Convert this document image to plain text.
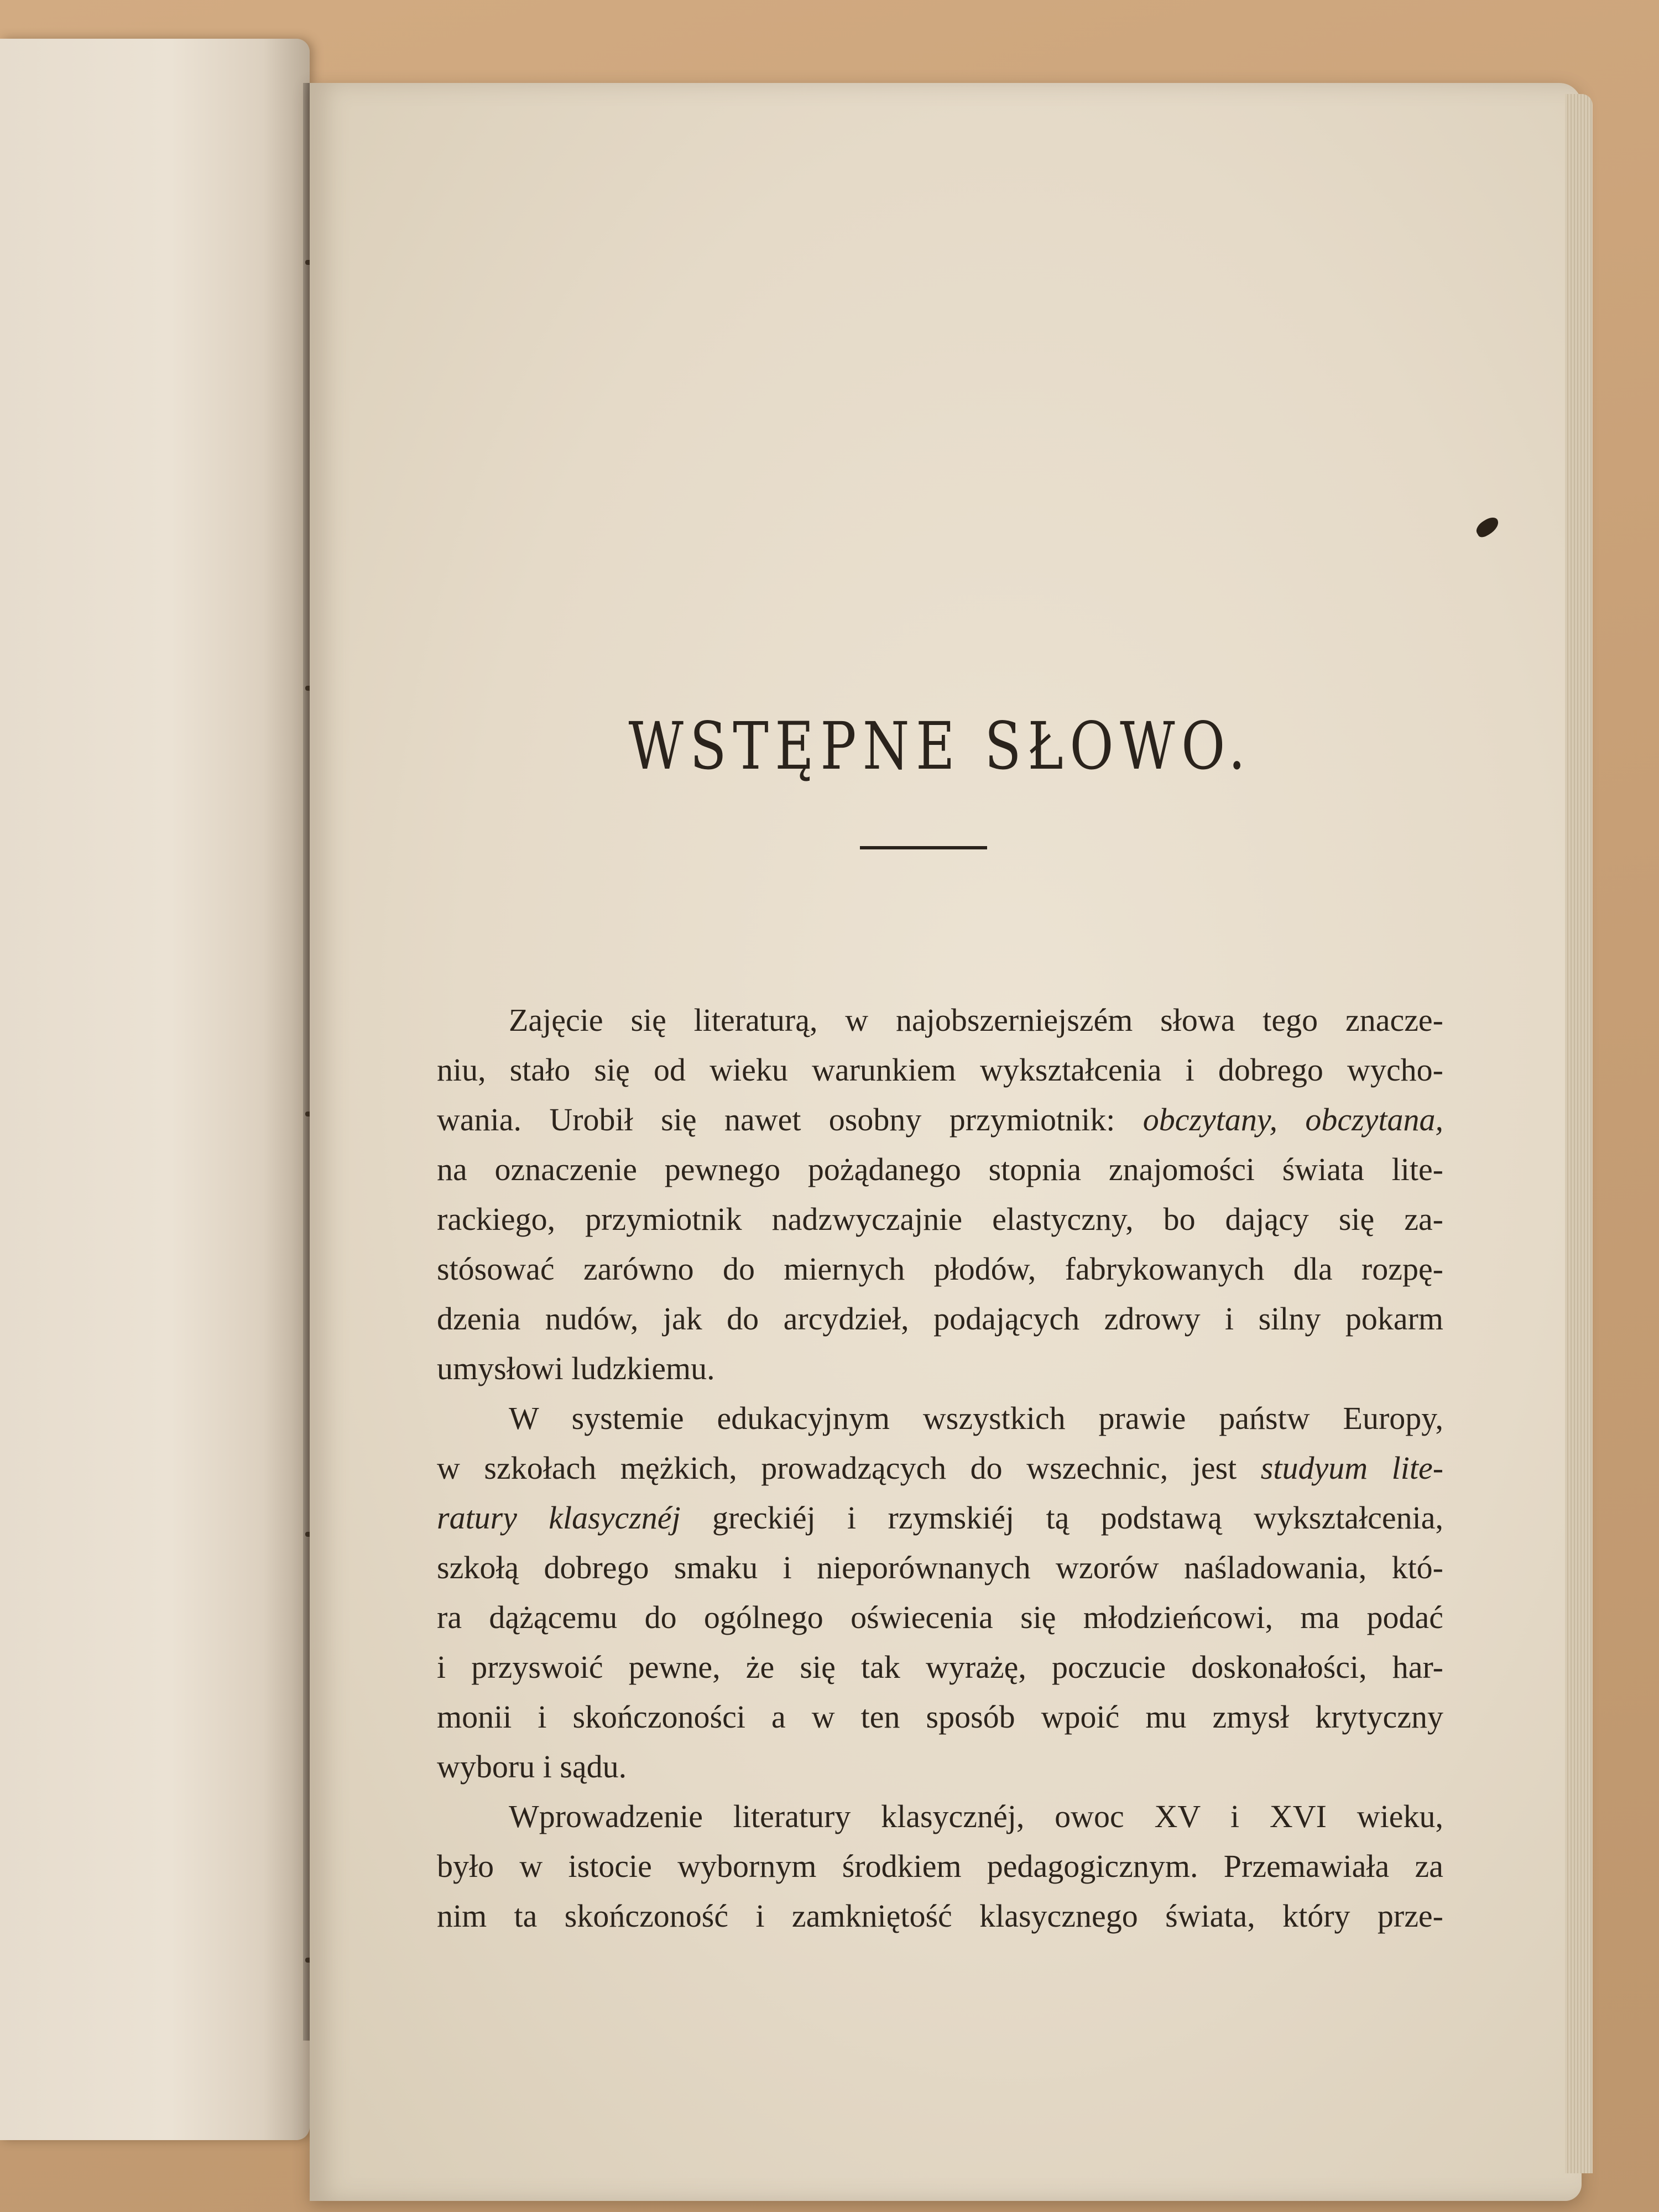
WSTĘPNE SŁOWO.
Zajęcie się literaturą, w najobszerniejszém słowa tego znacze-
niu, stało się od wieku warunkiem wykształcenia i dobrego wycho-
wania. Urobił się nawet osobny przymiotnik: obczytany, obczytana,
na oznaczenie pewnego pożądanego stopnia znajomości świata lite-
rackiego, przymiotnik nadzwyczajnie elastyczny, bo dający się za-
stósować zarówno do miernych płodów, fabrykowanych dla rozpę-
dzenia nudów, jak do arcydzieł, podających zdrowy i silny pokarm
umysłowi ludzkiemu.
W systemie edukacyjnym wszystkich prawie państw Europy,
w szkołach mężkich, prowadzących do wszechnic, jest studyum lite-
ratury klasycznéj greckiéj i rzymskiéj tą podstawą wykształcenia,
szkołą dobrego smaku i nieporównanych wzorów naśladowania, któ-
ra dążącemu do ogólnego oświecenia się młodzieńcowi, ma podać
i przyswoić pewne, że się tak wyrażę, poczucie doskonałości, har-
monii i skończoności a w ten sposób wpoić mu zmysł krytyczny
wyboru i sądu.
Wprowadzenie literatury klasycznéj, owoc XV i XVI wieku,
było w istocie wybornym środkiem pedagogicznym. Przemawiała za
nim ta skończoność i zamkniętość klasycznego świata, który prze-
